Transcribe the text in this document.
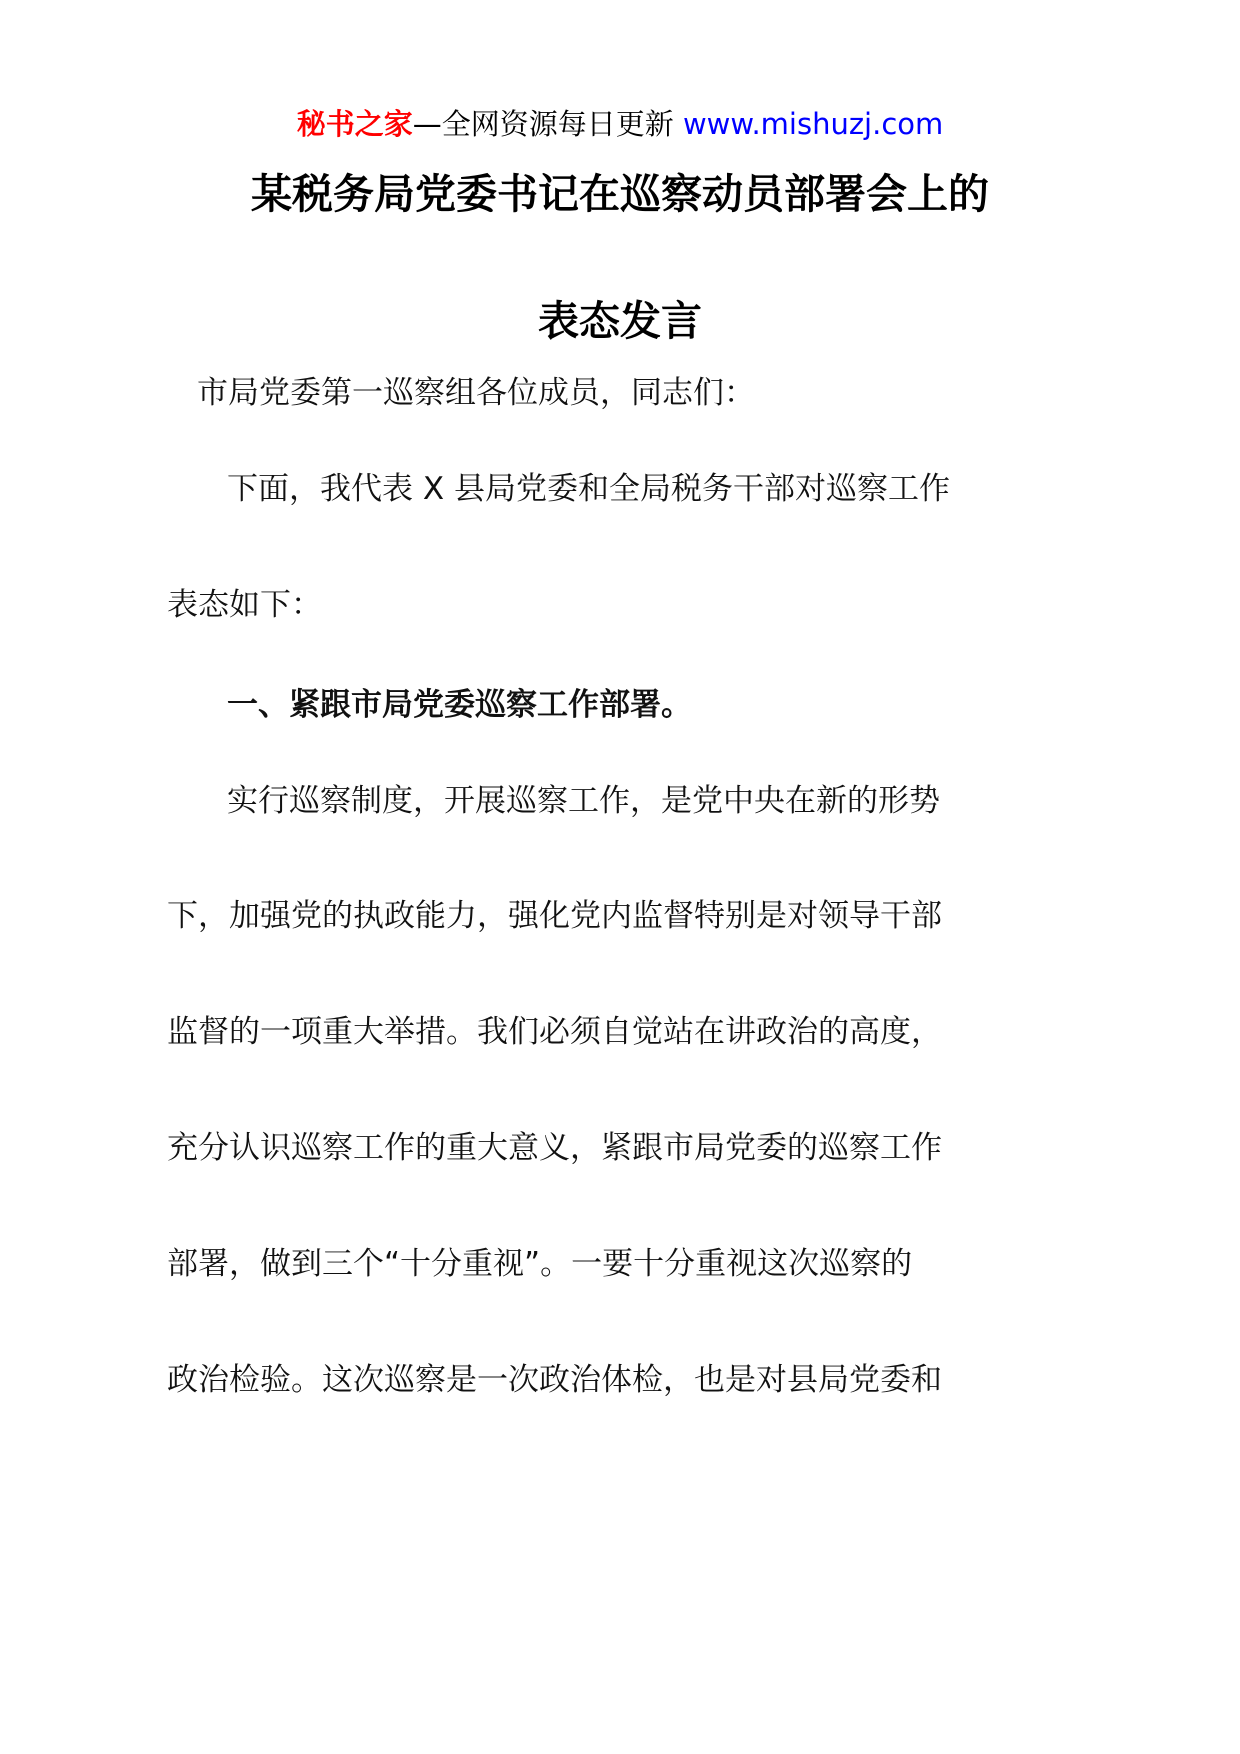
秘书之家—全网资源每日更新 www.mishuzj.com
某税务局党委书记在巡察动员部署会上的
表态发言
市局党委第一巡察组各位成员，同志们：
下面，我代表 X 县局党委和全局税务干部对巡察工作
表态如下：
一、紧跟市局党委巡察工作部署。
实行巡察制度，开展巡察工作，是党中央在新的形势
下，加强党的执政能力，强化党内监督特别是对领导干部
监督的一项重大举措。我们必须自觉站在讲政治的高度，
充分认识巡察工作的重大意义，紧跟市局党委的巡察工作
部署，做到三个“十分重视”。一要十分重视这次巡察的
政治检验。这次巡察是一次政治体检，也是对县局党委和
